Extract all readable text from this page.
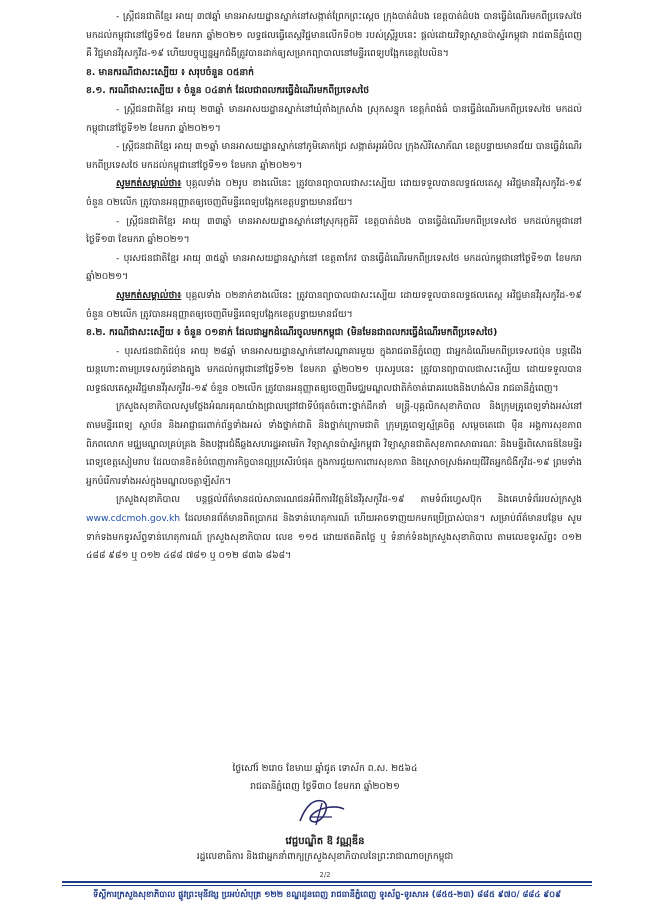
- ស្ត្រីជនជាតិខ្មែរ អាយុ ៣៧ឆ្នាំ មានអាសយដ្ឋានស្នាក់នៅសង្កាត់ព្រែកព្រះស្ដេច ក្រុងបាត់ដំបង ខេត្តបាត់ដំបង បានធ្វើដំណើរមកពីប្រទេសថៃ មកដល់កម្ពុជានៅថ្ងៃទី១៥ ខែមករា ឆ្នាំ២០២១ លទ្ធផលធ្វើតេស្តវិជ្ជមានលើកទី០២ របស់ស្ត្រីរូបនេះ ផ្ដល់ដោយវិទ្យាស្ថានប៉ាស្ទ័រកម្ពុជា រាជធានីភ្នំពេញ គឺ វិជ្ជមានវីរុសកូវីដ-១៩ ហើយបច្ចុប្បន្នអ្នកជំងឺត្រូវបានដាក់ឲ្យសម្រាកព្យាបាលនៅមន្ទីរពេទ្យបង្អែកខេត្តបៃលិន។

ខ. មានករណីជាសះស្បើយ ៖ សរុបចំនួន ០៥នាក់

ខ.១. ករណីជាសះស្បើយ ៖ ចំនួន ០៤នាក់ ដែលជាពលករធ្វើដំណើរមកពីប្រទេសថៃ

- ស្ត្រីជនជាតិខ្មែរ អាយុ ២៣ឆ្នាំ មានអាសយដ្ឋានស្នាក់នៅឃុំតាំងក្រសាំង ស្រុកសន្ទុក ខេត្តកំពង់ធំ បានធ្វើដំណើរមកពីប្រទេសថៃ មកដល់កម្ពុជានៅថ្ងៃទី១២ ខែមករា ឆ្នាំ២០២១។

- ស្ត្រីជនជាតិខ្មែរ អាយុ ៣១ឆ្នាំ មានអាសយដ្ឋានស្នាក់នៅភូមិគោកជ្រៃ សង្កាត់អូរអំបិល ក្រុងសិរីសោភ័ណ ខេត្តបន្ទាយមានជ័យ បានធ្វើដំណើរមកពីប្រទេសថៃ មកដល់កម្ពុជានៅថ្ងៃទី១១ ខែមករា ឆ្នាំ២០២១។

សូមកត់សម្គាល់ថា៖ បុគ្គលទាំង ០២រូប ខាងលើនេះ ត្រូវបានព្យាបាលជាសះស្បើយ ដោយទទួលបានលទ្ធផលតេស្ត អវិជ្ជមានវីរុសកូវីដ-១៩ ចំនួន ០២លើក ត្រូវបានអនុញ្ញាតឲ្យចេញពីមន្ទីរពេទ្យបង្អែកខេត្តបន្ទាយមានជ័យ។

- ស្ត្រីជនជាតិខ្មែរ អាយុ ៣៣ឆ្នាំ មានអាសយដ្ឋានស្នាក់នៅស្រុករុក្ខគិរី ខេត្តបាត់ដំបង បានធ្វើដំណើរមកពីប្រទេសថៃ មកដល់កម្ពុជានៅថ្ងៃទី១៣ ខែមករា ឆ្នាំ២០២១។

- បុរសជនជាតិខ្មែរ អាយុ ៣៥ឆ្នាំ មានអាសយដ្ឋានស្នាក់នៅ ខេត្តតាកែវ បានធ្វើដំណើរមកពីប្រទេសថៃ មកដល់កម្ពុជានៅថ្ងៃទី១៣ ខែមករា ឆ្នាំ២០២១។

សូមកត់សម្គាល់ថា៖ បុគ្គលទាំង ០២នាក់ខាងលើនេះ ត្រូវបានព្យាបាលជាសះស្បើយ ដោយទទួលបានលទ្ធផលតេស្ត អវិជ្ជមានវីរុសកូវីដ-១៩ ចំនួន ០២លើក ត្រូវបានអនុញ្ញាតឲ្យចេញពីមន្ទីរពេទ្យបង្អែកខេត្តបន្ទាយមានជ័យ។

ខ.២. ករណីជាសះស្បើយ ៖ ចំនួន ០១នាក់ ដែលជាអ្នកដំណើរចូលមកកម្ពុជា (មិនមែនជាពលករធ្វើដំណើរមកពីប្រទេសថៃ)

- បុរសជនជាតិជប៉ុន អាយុ ២៨ឆ្នាំ មានអាសយដ្ឋានស្នាក់នៅសណ្ឋាគារមួយ ក្នុងរាជធានីភ្នំពេញ ជាអ្នកដំណើរមកពីប្រទេសជប៉ុន បន្តជើងយន្តហោះតាមប្រទេសកូរ៉េខាងត្បូង មកដល់កម្ពុជានៅថ្ងៃទី១២ ខែមករា ឆ្នាំ២០២១ បុរសរូបនេះ ត្រូវបានព្យាបាលជាសះស្បើយ ដោយទទួលបានលទ្ធផលតេស្តអវិជ្ជមានវីរុសកូវីដ-១៩ ចំនួន ០២លើក ត្រូវបានអនុញ្ញាតឲ្យចេញពីមជ្ឈមណ្ឌលជាតិកំចាត់រោគរបេងនិងហង់សិន រាជធានីភ្នំពេញ។

ក្រសួងសុខាភិបាលសូមថ្លែងអំណរគុណយ៉ាងជ្រាលជ្រៅជាទីបំផុតចំពោះថ្នាក់ដឹកនាំ មន្ត្រី-បុគ្គលិកសុខាភិបាល និងក្រុមគ្រូពេទ្យទាំងអស់នៅតាមមន្ទីរពេទ្យ ស្ថាប័ន និងអាជ្ញាធរពាក់ព័ន្ធទាំងអស់ ទាំងថ្នាក់ជាតិ និងថ្នាក់ក្រោមជាតិ ក្រុមគ្រូពេទ្យស្ម័គ្រចិត្ត សម្ដេចតេជោ ម៉ឺន អង្គការសុខភាពពិភពលោក មជ្ឈមណ្ឌលគ្រប់គ្រង និងបង្ការជំងឺឆ្លងសហរដ្ឋអាមេរិក វិទ្យាស្ថានប៉ាស្ទ័រកម្ពុជា វិទ្យាស្ថានជាតិសុខភាពសាធារណៈ និងមន្ទីរពិសោធន៍នៃមន្ទីរពេទ្យខេត្តសៀមរាប ដែលបានខិតខំបំពេញភារកិច្ចបានល្អប្រសើរបំផុត ក្នុងការជួយការពារសុខភាព និងស្រោចស្រង់អាយុជីវិតអ្នកជំងឺកូវីដ-១៩ ព្រមទាំងអ្នកបំរើការទាំងអស់ក្នុងមណ្ឌលចត្តាឡីស័ក។

ក្រសួងសុខាភិបាល បន្តផ្ដល់ព័ត៌មានដល់សាធារណជនអំពីការវិវត្តន៍នៃវីរុសកូវីដ-១៩ តាមទំព័រហ្វេសប៊ុក និងគេហទំព័ររបស់ក្រសួង www.cdcmoh.gov.kh ដែលមានព័ត៌មានពិតប្រាកដ និងទាន់ហេតុការណ៍ ហើយអាចទាញយកមកប្រើប្រាស់បាន។ សម្រាប់ព័ត៌មានបន្ថែម សូមទាក់ទងមកទូរស័ព្ទទាន់ហេតុការណ៍ ក្រសួងសុខាភិបាល លេខ ១១៥ ដោយឥតគិតថ្លៃ ឬ ទំនាក់ទំនងក្រសួងសុខាភិបាល តាមលេខទូរស័ព្ទ៖ ០១២ ៤៨៨ ៩៨១ ឬ ០១២ ៤៨៨ ៧៨១ ឬ ០១២ ៨៣៦ ៨៦៨។

ថ្ងៃសៅរ៍ ២រោច ខែមាឃ ឆ្នាំជូត ទោស័ក ព.ស. ២៥៦៤
រាជធានីភ្នំពេញ ថ្ងៃទី៣០ ខែមករា ឆ្នាំ២០២១
វេជ្ជបណ្ឌិត ឱ វណ្ណឌីន
រដ្ឋលេខាធិការ និងជាអ្នកនាំពាក្យក្រសួងសុខាភិបាលនៃព្រះរាជាណាចក្រកម្ពុជា
2/2
ទីស្តីការក្រសួងសុខាភិបាល ផ្លូវព្រះមុនីវង្ស ប្រអប់សំបុត្រ ១២២ ខណ្ឌដូនពេញ រាជធានីភ្នំពេញ ទូរស័ព្ទ-ទូរសារ៖ (៨៥៥-២៣) ៨៨៥ ៩៧០/ ៨៨៤ ៩០៩
